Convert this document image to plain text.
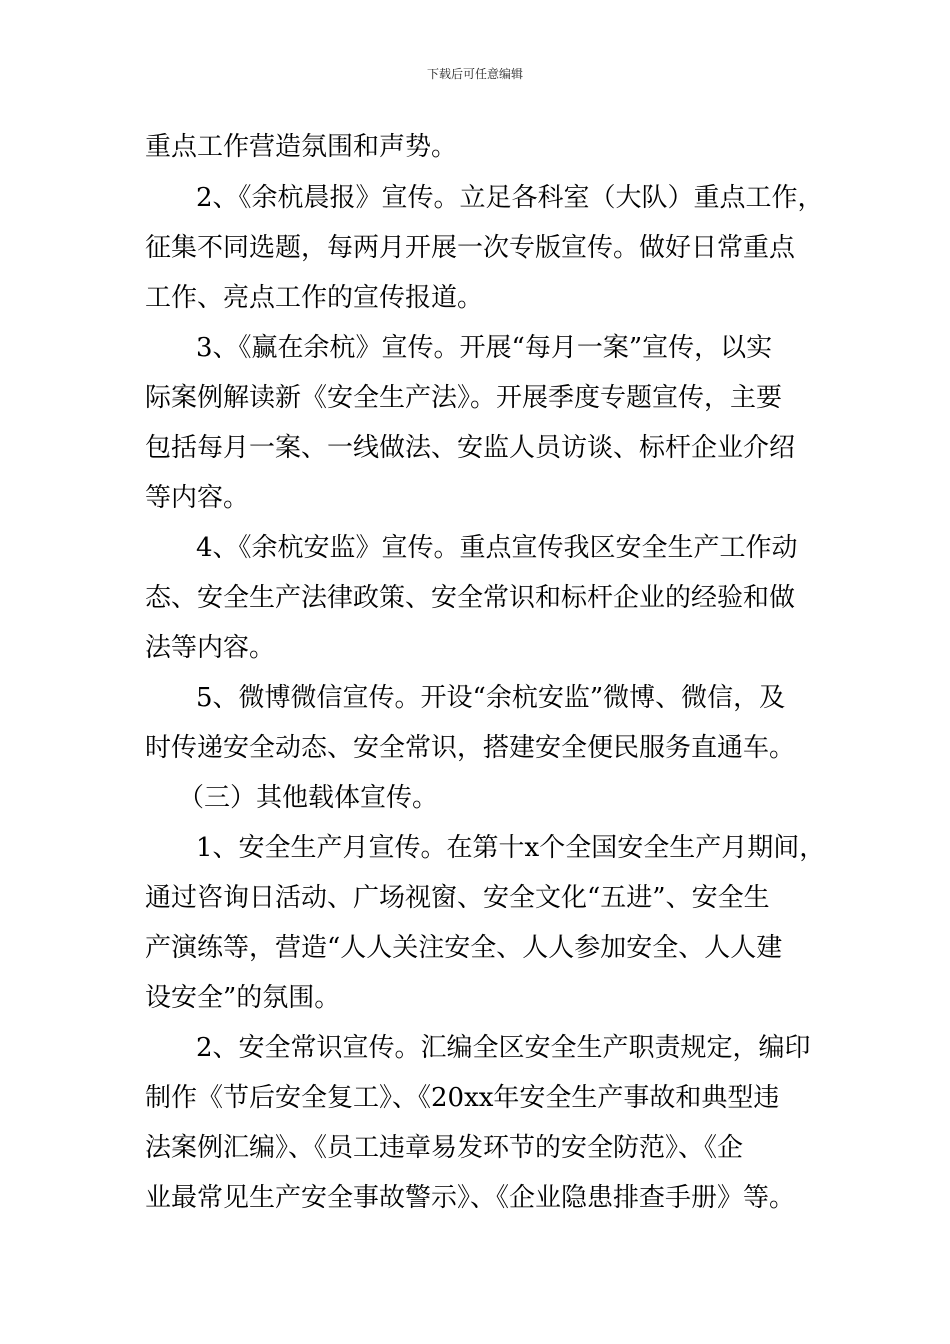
下载后可任意编辑
重点工作营造氛围和声势。
2、《余杭晨报》宣传。立足各科室（大队）重点工作，
征集不同选题，每两月开展一次专版宣传。做好日常重点
工作、亮点工作的宣传报道。
3、《赢在余杭》宣传。开展“每月一案”宣传，以实
际案例解读新《安全生产法》。开展季度专题宣传，主要
包括每月一案、一线做法、安监人员访谈、标杆企业介绍
等内容。
4、《余杭安监》宣传。重点宣传我区安全生产工作动
态、安全生产法律政策、安全常识和标杆企业的经验和做
法等内容。
5、微博微信宣传。开设“余杭安监”微博、微信，及
时传递安全动态、安全常识，搭建安全便民服务直通车。
（三）其他载体宣传。
1、安全生产月宣传。在第十x个全国安全生产月期间，
通过咨询日活动、广场视窗、安全文化“五进”、安全生
产演练等，营造“人人关注安全、人人参加安全、人人建
设安全”的氛围。
2、安全常识宣传。汇编全区安全生产职责规定，编印
制作《节后安全复工》、《20xx年安全生产事故和典型违
法案例汇编》、《员工违章易发环节的安全防范》、《企
业最常见生产安全事故警示》、《企业隐患排查手册》等。
